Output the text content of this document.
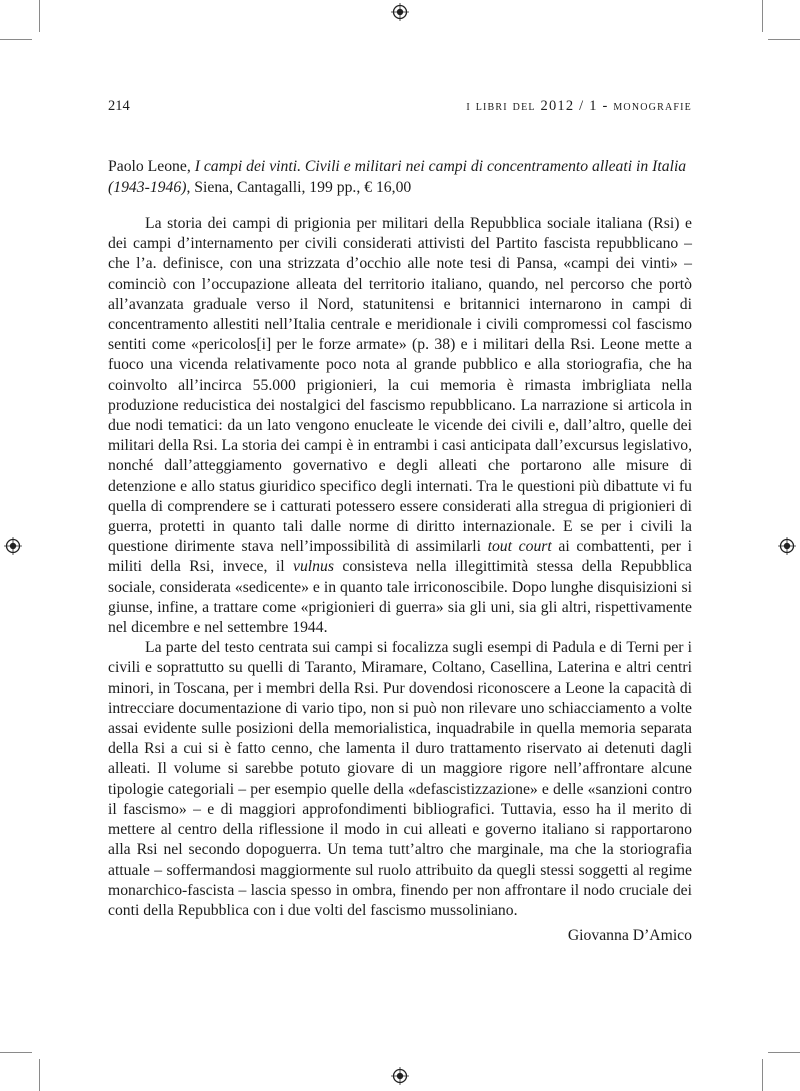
214	i libri del 2012 / 1 - monografie

Paolo Leone, I campi dei vinti. Civili e militari nei campi di concentramento alleati in Italia (1943-1946), Siena, Cantagalli, 199 pp., € 16,00

La storia dei campi di prigionia per militari della Repubblica sociale italiana (Rsi) e dei campi d’internamento per civili considerati attivisti del Partito fascista repubblicano – che l’a. definisce, con una strizzata d’occhio alle note tesi di Pansa, «campi dei vinti» – cominciò con l’occupazione alleata del territorio italiano, quando, nel percorso che portò all’avanzata graduale verso il Nord, statunitensi e britannici internarono in campi di concentramento allestiti nell’Italia centrale e meridionale i civili compromessi col fascismo sentiti come «pericolos[i] per le forze armate» (p. 38) e i militari della Rsi. Leone mette a fuoco una vicenda relativamente poco nota al grande pubblico e alla storiografia, che ha coinvolto all’incirca 55.000 prigionieri, la cui memoria è rimasta imbrigliata nella produzione reducistica dei nostalgici del fascismo repubblicano. La narrazione si articola in due nodi tematici: da un lato vengono enucleate le vicende dei civili e, dall’altro, quelle dei militari della Rsi. La storia dei campi è in entrambi i casi anticipata dall’excursus legislativo, nonché dall’atteggiamento governativo e degli alleati che portarono alle misure di detenzione e allo status giuridico specifico degli internati. Tra le questioni più dibattute vi fu quella di comprendere se i catturati potessero essere considerati alla stregua di prigionieri di guerra, protetti in quanto tali dalle norme di diritto internazionale. E se per i civili la questione dirimente stava nell’impossibilità di assimilarli tout court ai combattenti, per i militi della Rsi, invece, il vulnus consisteva nella illegittimità stessa della Repubblica sociale, considerata «sedicente» e in quanto tale irriconoscibile. Dopo lunghe disquisizioni si giunse, infine, a trattare come «prigionieri di guerra» sia gli uni, sia gli altri, rispettivamente nel dicembre e nel settembre 1944.

La parte del testo centrata sui campi si focalizza sugli esempi di Padula e di Terni per i civili e soprattutto su quelli di Taranto, Miramare, Coltano, Casellina, Laterina e altri centri minori, in Toscana, per i membri della Rsi. Pur dovendosi riconoscere a Leone la capacità di intrecciare documentazione di vario tipo, non si può non rilevare uno schiacciamento a volte assai evidente sulle posizioni della memorialistica, inquadrabile in quella memoria separata della Rsi a cui si è fatto cenno, che lamenta il duro trattamento riservato ai detenuti dagli alleati. Il volume si sarebbe potuto giovare di un maggiore rigore nell’affrontare alcune tipologie categoriali – per esempio quelle della «defascistizzazione» e delle «sanzioni contro il fascismo» – e di maggiori approfondimenti bibliografici. Tuttavia, esso ha il merito di mettere al centro della riflessione il modo in cui alleati e governo italiano si rapportarono alla Rsi nel secondo dopoguerra. Un tema tutt’altro che marginale, ma che la storiografia attuale – soffermandosi maggiormente sul ruolo attribuito da quegli stessi soggetti al regime monarchico-fascista – lascia spesso in ombra, finendo per non affrontare il nodo cruciale dei conti della Repubblica con i due volti del fascismo mussoliniano.

Giovanna D’Amico
